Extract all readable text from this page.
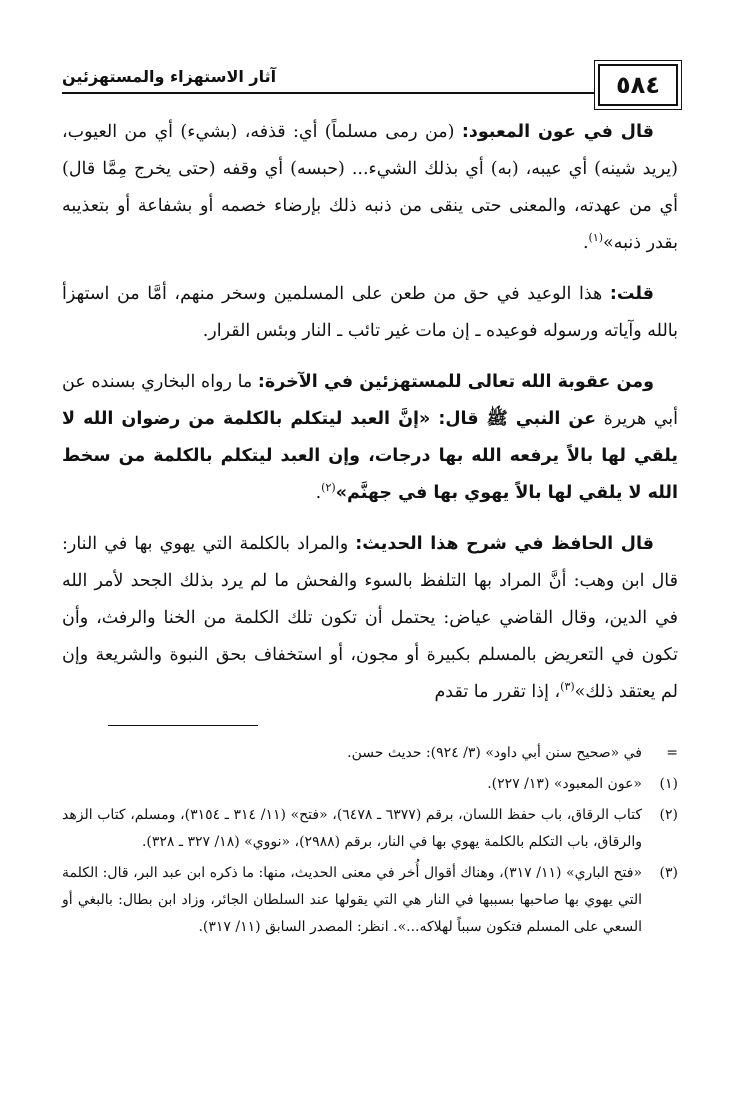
٥٨٤
آثار الاستهزاء والمستهزئين

قال في عون المعبود: (من رمى مسلماً) أي: قذفه، (بشيء) أي من العيوب، (يريد شينه) أي عيبه، (به) أي بذلك الشيء... (حبسه) أي وقفه (حتى يخرج مِمَّا قال) أي من عهدته، والمعنى حتى ينقى من ذنبه ذلك بإرضاء خصمه أو بشفاعة أو بتعذيبه بقدر ذنبه»$^{(١)}$.

قلت: هذا الوعيد في حق من طعن على المسلمين وسخر منهم، أمَّا من استهزأ بالله وآياته ورسوله فوعيده ـ إن مات غير تائب ـ النار وبئس القرار.

ومن عقوبة الله تعالى للمستهزئين في الآخرة: ما رواه البخاري بسنده عن أبي هريرة عن النبي ﷺ قال: «إنَّ العبد ليتكلم بالكلمة من رضوان الله لا يلقي لها بالاً يرفعه الله بها درجات، وإن العبد ليتكلم بالكلمة من سخط الله لا يلقي لها بالاً يهوي بها في جهنَّم»$^{(٢)}$.

قال الحافظ في شرح هذا الحديث: والمراد بالكلمة التي يهوي بها في النار: قال ابن وهب: أنَّ المراد بها التلفظ بالسوء والفحش ما لم يرد بذلك الجحد لأمر الله في الدين، وقال القاضي عياض: يحتمل أن تكون تلك الكلمة من الخنا والرفث، وأن تكون في التعريض بالمسلم بكبيرة أو مجون، أو استخفاف بحق النبوة والشريعة وإن لم يعتقد ذلك»$^{(٣)}$، إذا تقرر ما تقدم

=
في «صحيح سنن أبي داود» (٣/ ٩٢٤): حديث حسن.
(١)
«عون المعبود» (١٣/ ٢٢٧).
(٢)
كتاب الرقاق، باب حفظ اللسان، برقم (٦٣٧٧ ـ ٦٤٧٨)، «فتح» (١١/ ٣١٤ ـ ٣١٥٤)، ومسلم، كتاب الزهد والرقاق، باب التكلم بالكلمة يهوي بها في النار، برقم (٢٩٨٨)، «نووي» (١٨/ ٣٢٧ ـ ٣٢٨).
(٣)
«فتح الباري» (١١/ ٣١٧)، وهناك أقوال أُخر في معنى الحديث، منها: ما ذكره ابن عبد البر، قال: الكلمة التي يهوي بها صاحبها بسببها في النار هي التي يقولها عند السلطان الجائر، وزاد ابن بطال: بالبغي أو السعي على المسلم فتكون سبباً لهلاكه...». انظر: المصدر السابق (١١/ ٣١٧).
